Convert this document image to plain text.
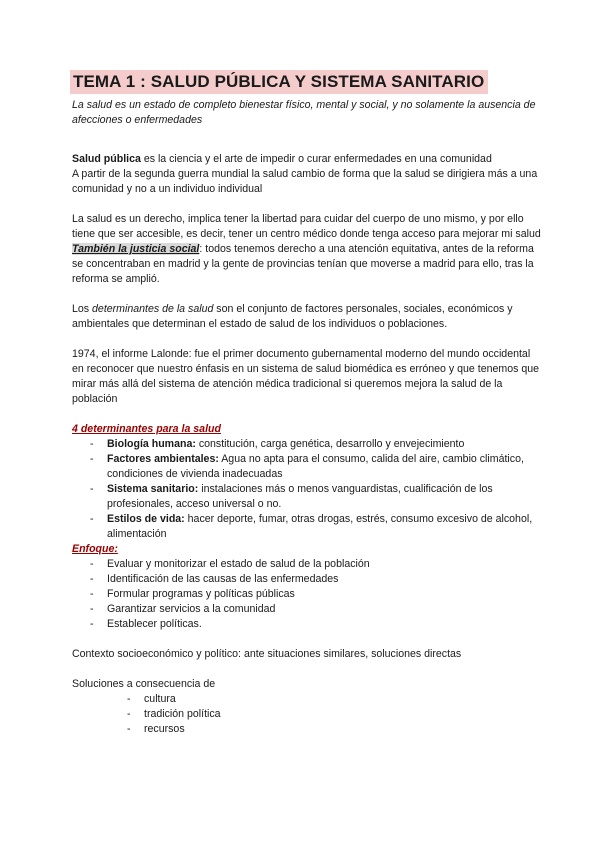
TEMA 1 : SALUD PÚBLICA Y SISTEMA SANITARIO

La salud es un estado de completo bienestar físico, mental y social, y no solamente la ausencia de afecciones o enfermedades

Salud pública es la ciencia y el arte de impedir o curar enfermedades en una comunidad
A partir de la segunda guerra mundial la salud cambio de forma que la salud se dirigiera más a una comunidad y no a un individuo individual

La salud es un derecho, implica tener la libertad para cuidar del cuerpo de uno mismo, y por ello tiene que ser accesible, es decir, tener un centro médico donde tenga acceso para mejorar mi salud
También la justicia social: todos tenemos derecho a una atención equitativa, antes de la reforma se concentraban en madrid y la gente de provincias tenían que moverse a madrid para ello, tras la reforma se amplió.

Los determinantes de la salud son el conjunto de factores personales, sociales, económicos y ambientales que determinan el estado de salud de los individuos o poblaciones.

1974, el informe Lalonde: fue el primer documento gubernamental moderno del mundo occidental en reconocer que nuestro énfasis en un sistema de salud biomédica es erróneo y que tenemos que mirar más allá del sistema de atención médica tradicional si queremos mejora la salud de la población

4 determinantes para la salud

- Biología humana: constitución, carga genética, desarrollo y envejecimiento
- Factores ambientales: Agua no apta para el consumo, calida del aire, cambio climático, condiciones de vivienda inadecuadas
- Sistema sanitario: instalaciones más o menos vanguardistas, cualificación de los profesionales, acceso universal o no.
- Estilos de vida: hacer deporte, fumar, otras drogas, estrés, consumo excesivo de alcohol, alimentación

Enfoque:

- Evaluar y monitorizar el estado de salud de la población
- Identificación de las causas de las enfermedades
- Formular programas y políticas públicas
- Garantizar servicios a la comunidad
- Establecer políticas.

Contexto socioeconómico y político: ante situaciones similares, soluciones directas

Soluciones a consecuencia de

- cultura
- tradición política
- recursos
